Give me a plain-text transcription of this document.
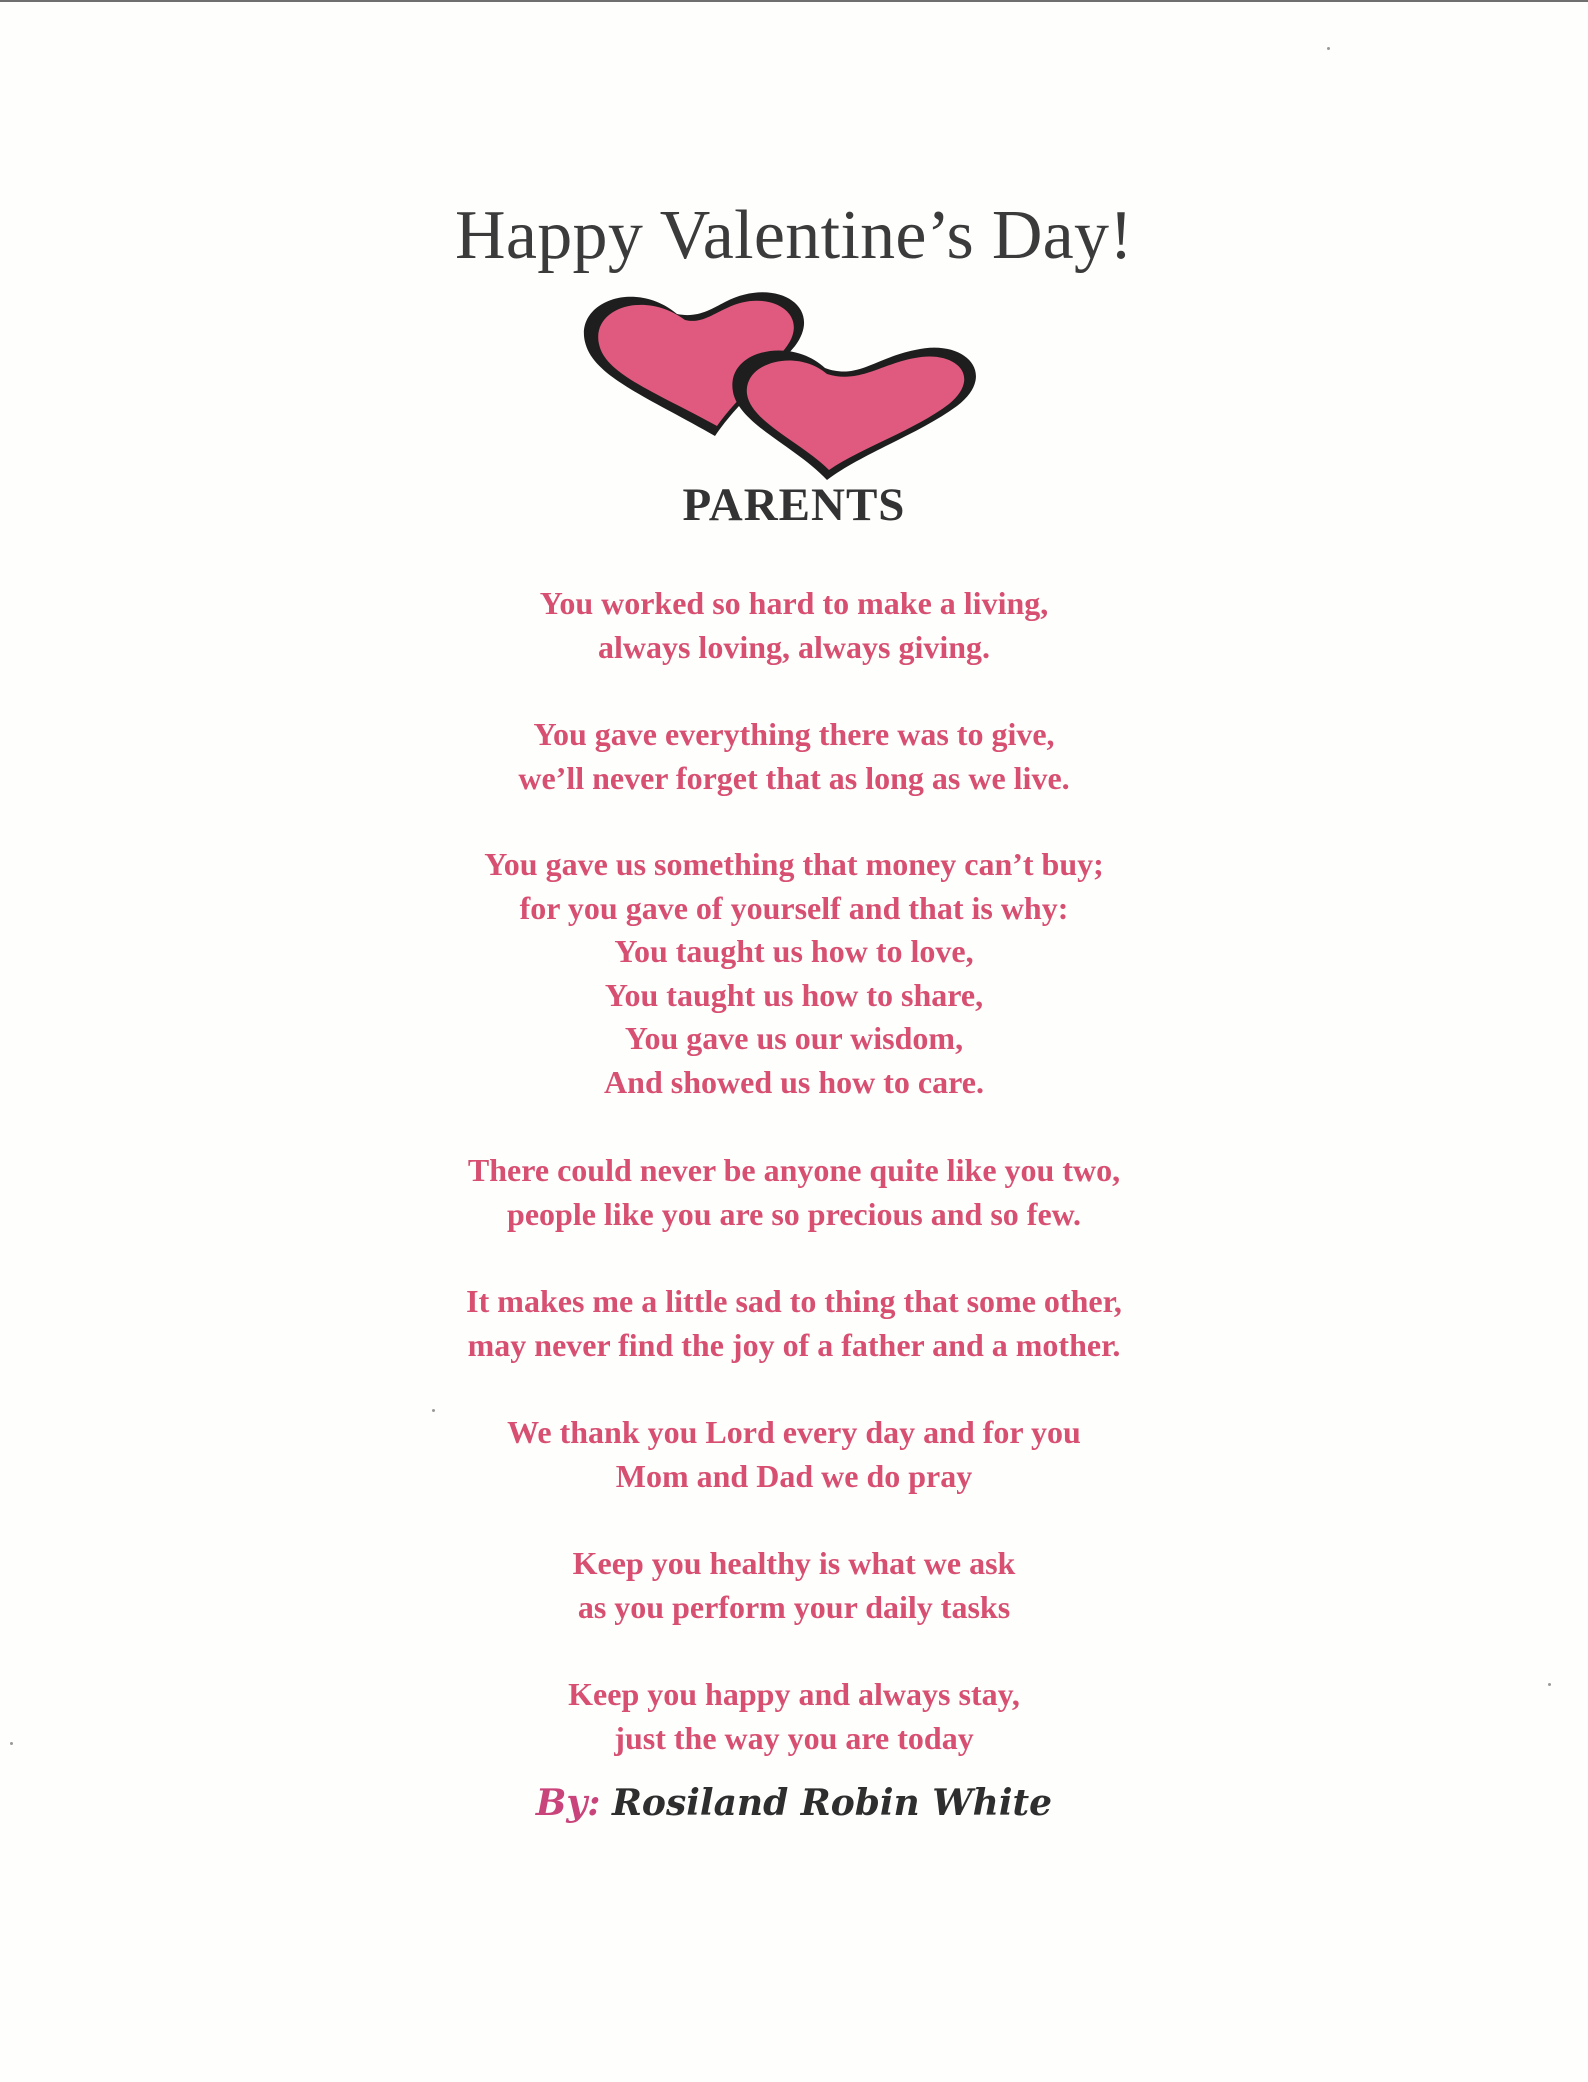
Happy Valentine’s Day!
PARENTS

You worked so hard to make a living,
always loving, always giving.

You gave everything there was to give,
we’ll never forget that as long as we live.

You gave us something that money can’t buy;
for you gave of yourself and that is why:
You taught us how to love,
You taught us how to share,
You gave us our wisdom,
And showed us how to care.

There could never be anyone quite like you two,
people like you are so precious and so few.

It makes me a little sad to thing that some other,
may never find the joy of a father and a mother.

We thank you Lord every day and for you
Mom and Dad we do pray

Keep you healthy is what we ask
as you perform your daily tasks

Keep you happy and always stay,
just the way you are today

By: Rosiland Robin White
